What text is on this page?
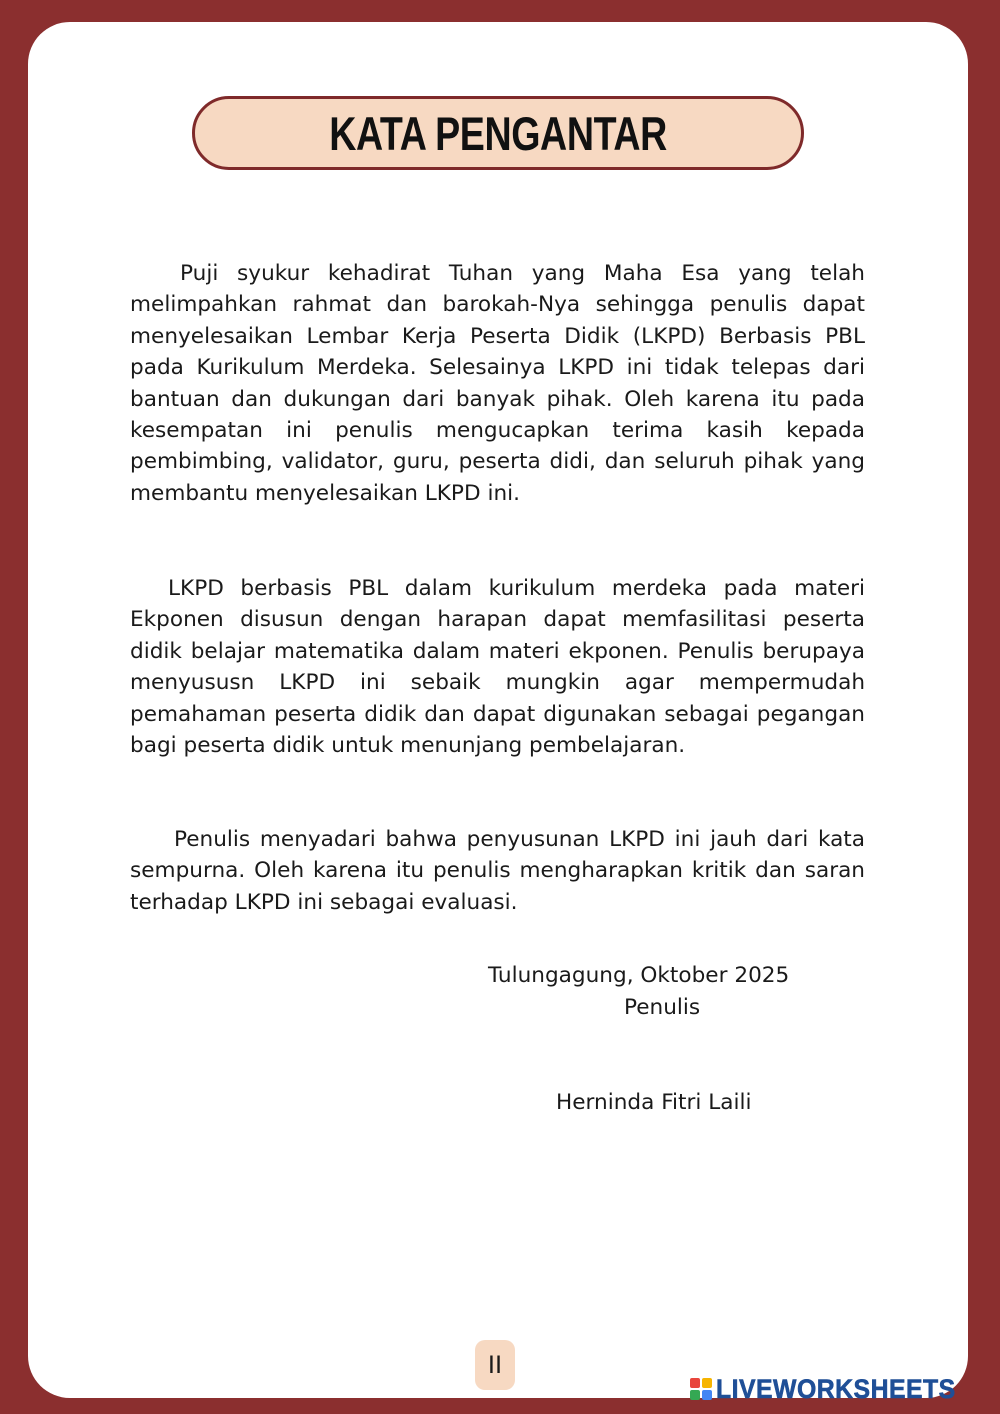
KATA PENGANTAR

Puji syukur kehadirat Tuhan yang Maha Esa yang telah melimpahkan rahmat dan barokah-Nya sehingga penulis dapat menyelesaikan Lembar Kerja Peserta Didik (LKPD) Berbasis PBL pada Kurikulum Merdeka. Selesainya LKPD ini tidak telepas dari bantuan dan dukungan dari banyak pihak. Oleh karena itu pada kesempatan ini penulis mengucapkan terima kasih kepada pembimbing, validator, guru, peserta didi, dan seluruh pihak yang membantu menyelesaikan LKPD ini.

LKPD berbasis PBL dalam kurikulum merdeka pada materi Ekponen disusun dengan harapan dapat memfasilitasi peserta didik belajar matematika dalam materi ekponen. Penulis berupaya menyususn LKPD ini sebaik mungkin agar mempermudah pemahaman peserta didik dan dapat digunakan sebagai pegangan bagi peserta didik untuk menunjang pembelajaran.

Penulis menyadari bahwa penyusunan LKPD ini jauh dari kata sempurna. Oleh karena itu penulis mengharapkan kritik dan saran terhadap LKPD ini sebagai evaluasi.

Tulungagung, Oktober 2025
Penulis
Herninda Fitri Laili
II
LIVEWORKSHEETS
